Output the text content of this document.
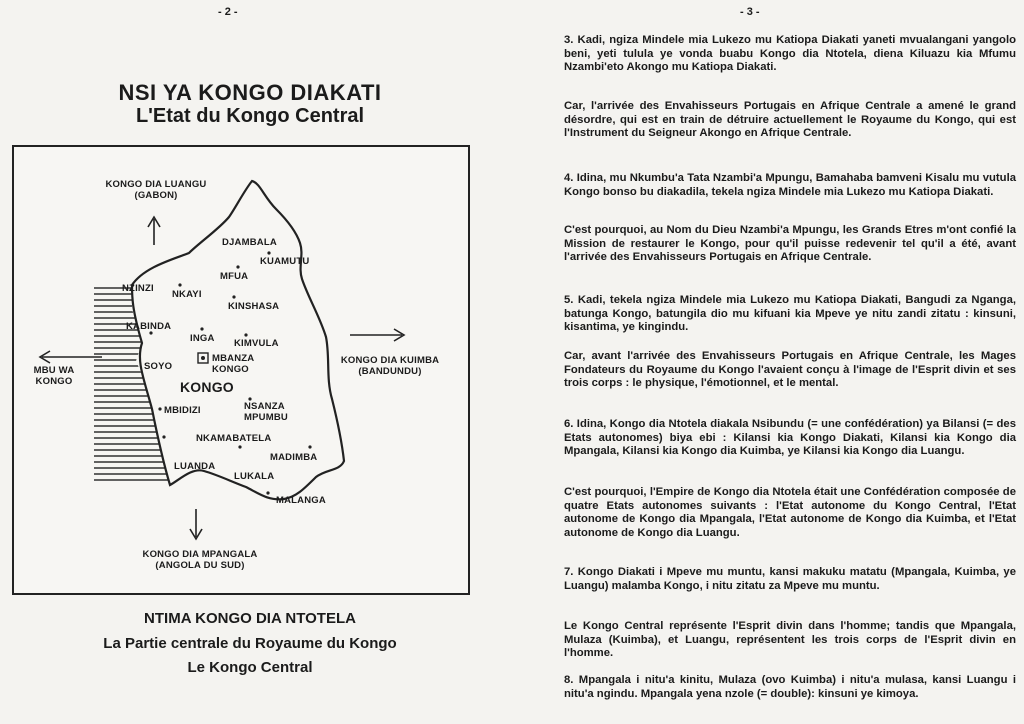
- 2 -
NSI YA KONGO DIAKATI
L'Etat du Kongo Central
KONGO DIA LUANGU
(GABON)
MBU WA
KONGO
KONGO DIA KUIMBA
(BANDUNDU)
KONGO DIA MPANGALA
(ANGOLA DU SUD)
DJAMBALA
KUAMUTU
MFUA
NZINZI
NKAYI
KINSHASA
KABINDA
INGA KIMVULA
SOYO
MBANZA
KONGO
KONGO
MBIDIZI	NSANZA
MPUMBU
NKAMABATELA
MADIMBA
LUANDA
LUKALA
MALANGA
NTIMA KONGO DIA NTOTELA
La Partie centrale du Royaume du Kongo
Le Kongo Central
- 3 -
3. Kadi, ngiza Mindele mia Lukezo mu Katiopa Diakati yaneti mvualangani yangolo beni, yeti tulula ye vonda buabu Kongo dia Ntotela, diena Kiluazu kia Mfumu Nzambi'eto Akongo mu Katiopa Diakati.
Car, l'arrivée des Envahisseurs Portugais en Afrique Centrale a amené le grand désordre, qui est en train de détruire actuellement le Royaume du Kongo, qui est l'Instrument du Seigneur Akongo en Afrique Centrale.
4. Idina, mu Nkumbu'a Tata Nzambi'a Mpungu, Bamahaba bamveni Kisalu mu vutula Kongo bonso bu diakadila, tekela ngiza Mindele mia Lukezo mu Katiopa Diakati.
C'est pourquoi, au Nom du Dieu Nzambi'a Mpungu, les Grands Etres m'ont confié la Mission de restaurer le Kongo, pour qu'il puisse redevenir tel qu'il a été, avant l'arrivée des Envahisseurs Portugais en Afrique Centrale.
5. Kadi, tekela ngiza Mindele mia Lukezo mu Katiopa Diakati, Bangudi za Nganga, batunga Kongo, batungila dio mu kifuani kia Mpeve ye nitu zandi zitatu : kinsuni, kisantima, ye kingindu.
Car, avant l'arrivée des Envahisseurs Portugais en Afrique Centrale, les Mages Fondateurs du Royaume du Kongo l'avaient conçu à l'image de l'Esprit divin et ses trois corps : le physique, l'émotionnel, et le mental.
6. Idina, Kongo dia Ntotela diakala Nsibundu (= une confédération) ya Bilansi (= des Etats autonomes) biya ebi : Kilansi kia Kongo Diakati, Kilansi kia Kongo dia Mpangala, Kilansi kia Kongo dia Kuimba, ye Kilansi kia Kongo dia Luangu.
C'est pourquoi, l'Empire de Kongo dia Ntotela était une Confédération composée de quatre Etats autonomes suivants : l'Etat autonome du Kongo Central, l'Etat autonome de Kongo dia Mpangala, l'Etat autonome de Kongo dia Kuimba, et l'Etat autonome de Kongo dia Luangu.
7. Kongo Diakati i Mpeve mu muntu, kansi makuku matatu (Mpangala, Kuimba, ye Luangu) malamba Kongo, i nitu zitatu za Mpeve mu muntu.
Le Kongo Central représente l'Esprit divin dans l'homme; tandis que Mpangala, Mulaza (Kuimba), et Luangu, représentent les trois corps de l'Esprit divin en l'homme.
8. Mpangala i nitu'a kinitu, Mulaza (ovo Kuimba) i nitu'a mulasa, kansi Luangu i nitu'a ngindu. Mpangala yena nzole (= double): kinsuni ye kimoya.
